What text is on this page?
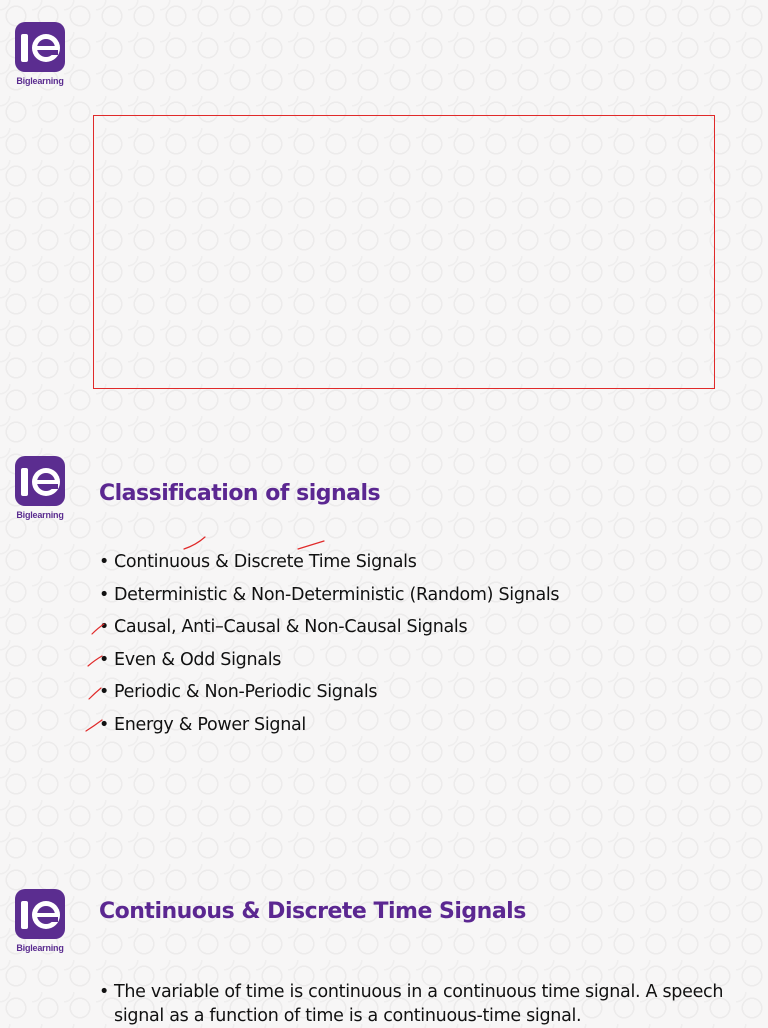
Biglearning
Biglearning
Classification of signals
• Continuous & Discrete Time Signals
• Deterministic & Non-Deterministic (Random) Signals
• Causal, Anti–Causal & Non-Causal Signals
• Even & Odd Signals
• Periodic & Non-Periodic Signals
• Energy & Power Signal
Biglearning
Continuous & Discrete Time Signals

• The variable of time is continuous in a continuous time signal. A speech signal as a function of time is a continuous-time signal.
